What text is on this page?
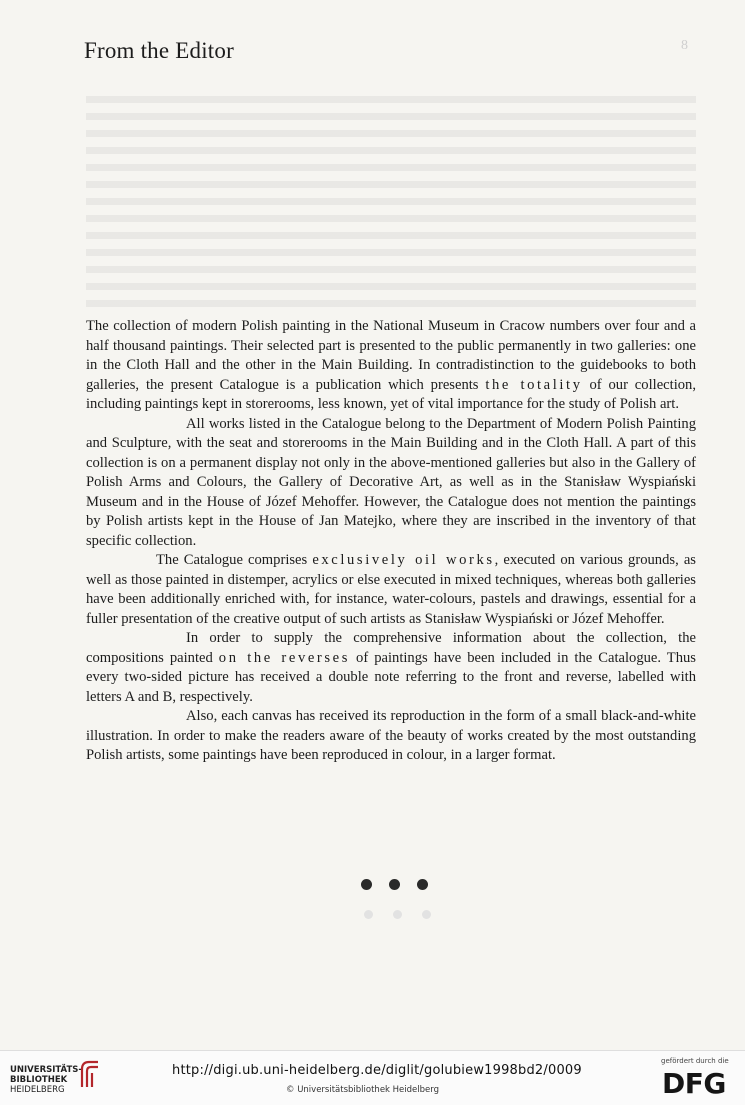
From the Editor	8

The collection of modern Polish painting in the National Museum in Cracow numbers over four and a half thousand paintings. Their selected part is presented to the public permanently in two galleries: one in the Cloth Hall and the other in the Main Building. In contradistinction to the guidebooks to both galleries, the present Catalogue is a publication which presents the totality of our collection, including paintings kept in storerooms, less known, yet of vital importance for the study of Polish art.

All works listed in the Catalogue belong to the Department of Modern Polish Painting and Sculpture, with the seat and storerooms in the Main Building and in the Cloth Hall. A part of this collection is on a permanent display not only in the above-mentioned galleries but also in the Gallery of Polish Arms and Colours, the Gallery of Decorative Art, as well as in the Stanisław Wyspiański Museum and in the House of Józef Mehoffer. However, the Catalogue does not mention the paintings by Polish artists kept in the House of Jan Matejko, where they are inscribed in the inventory of that specific collection.

The Catalogue comprises exclusively oil works, executed on various grounds, as well as those painted in distemper, acrylics or else executed in mixed techniques, whereas both galleries have been additionally enriched with, for instance, water-colours, pastels and drawings, essential for a fuller presentation of the creative output of such artists as Stanisław Wyspiański or Józef Mehoffer.

In order to supply the comprehensive information about the collection, the compositions painted on the reverses of paintings have been included in the Catalogue. Thus every two-sided picture has received a double note referring to the front and reverse, labelled with letters A and B, respectively.

Also, each canvas has received its reproduction in the form of a small black-and-white illustration. In order to make the readers aware of the beauty of works created by the most outstanding Polish artists, some paintings have been reproduced in colour, in a larger format.

UNIVERSITÄTS-
BIBLIOTHEK
HEIDELBERG
http://digi.ub.uni-heidelberg.de/diglit/golubiew1998bd2/0009
© Universitätsbibliothek Heidelberg
gefördert durch die
DFG
